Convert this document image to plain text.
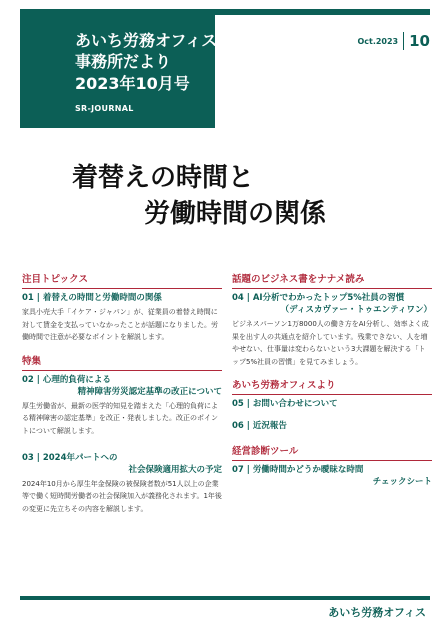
あいち労務オフィス
事務所だより
2023年10月号
SR-JOURNAL
Oct.2023 10
着替えの時間と
労働時間の関係
注目トピックス
01 | 着替えの時間と労働時間の関係
家具小売大手「イケア・ジャパン」が、従業員の着替え時間に対して賃金を支払っていなかったことが話題になりました。労働時間で注意が必要なポイントを解説します。
特集
02 | 心理的負荷による
精神障害労災認定基準の改正について
厚生労働省が、最新の医学的知見を踏まえた「心理的負荷による精神障害の認定基準」を改正・発表しました。改正のポイントについて解説します。
03 | 2024年パートへの
社会保険適用拡大の予定
2024年10月から厚生年金保険の被保険者数が51人以上の企業等で働く短時間労働者の社会保険加入が義務化されます。1年後の変更に先立ちその内容を解説します。
話題のビジネス書をナナメ読み
04 | AI分析でわかったトップ5%社員の習慣
（ディスカヴァー・トゥエンティワン）
ビジネスパーソン1万8000人の働き方をAI分析し、効率よく成果を出す人の共通点を紹介しています。残業できない、人を増やせない、仕事量は変わらないという3大課題を解決する「トップ5%社員の習慣」を見てみましょう。
あいち労務オフィスより
05 | お問い合わせについて
06 | 近況報告
経営診断ツール
07 | 労働時間かどうか曖昧な時間
チェックシート
あいち労務オフィス
